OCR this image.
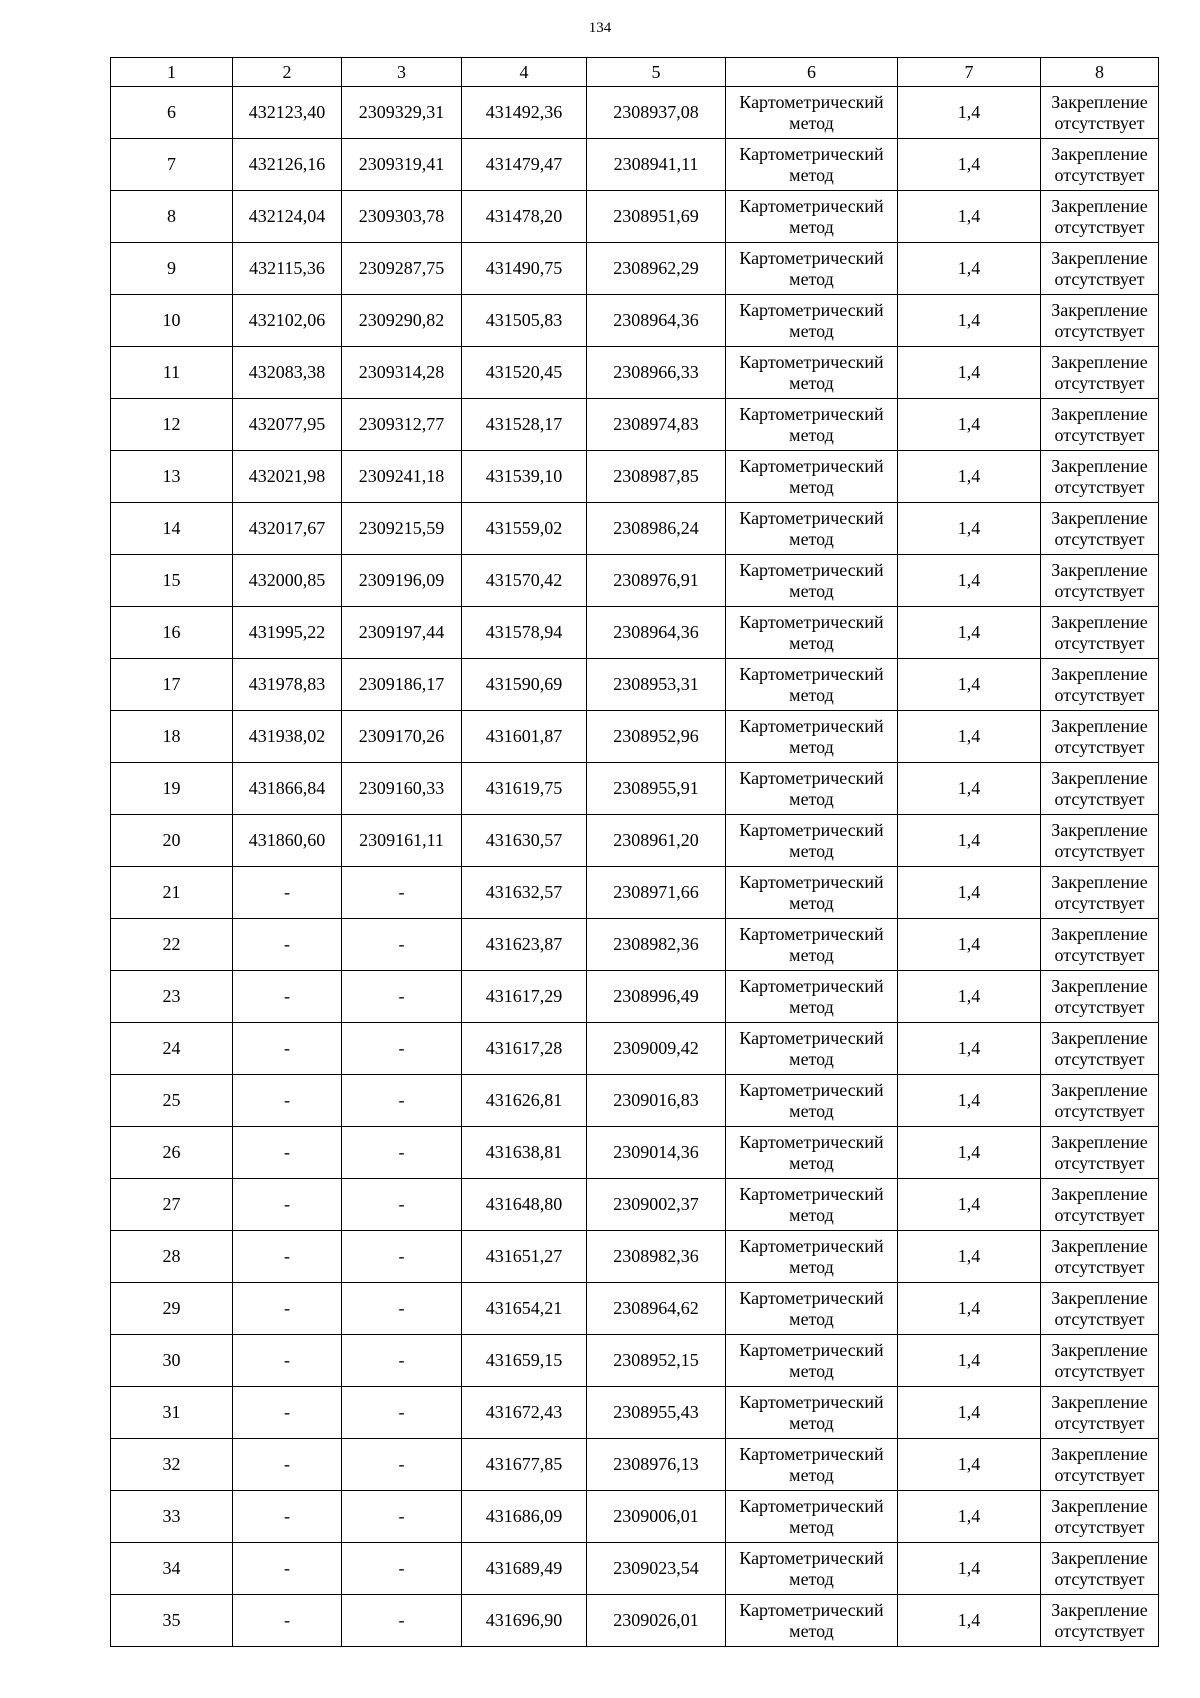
134
1	2	3	4	5	6	7	8
6	432123,40	2309329,31	431492,36	2308937,08	Картометрический метод	1,4	Закрепление отсутствует
7	432126,16	2309319,41	431479,47	2308941,11	Картометрический метод	1,4	Закрепление отсутствует
8	432124,04	2309303,78	431478,20	2308951,69	Картометрический метод	1,4	Закрепление отсутствует
9	432115,36	2309287,75	431490,75	2308962,29	Картометрический метод	1,4	Закрепление отсутствует
10	432102,06	2309290,82	431505,83	2308964,36	Картометрический метод	1,4	Закрепление отсутствует
11	432083,38	2309314,28	431520,45	2308966,33	Картометрический метод	1,4	Закрепление отсутствует
12	432077,95	2309312,77	431528,17	2308974,83	Картометрический метод	1,4	Закрепление отсутствует
13	432021,98	2309241,18	431539,10	2308987,85	Картометрический метод	1,4	Закрепление отсутствует
14	432017,67	2309215,59	431559,02	2308986,24	Картометрический метод	1,4	Закрепление отсутствует
15	432000,85	2309196,09	431570,42	2308976,91	Картометрический метод	1,4	Закрепление отсутствует
16	431995,22	2309197,44	431578,94	2308964,36	Картометрический метод	1,4	Закрепление отсутствует
17	431978,83	2309186,17	431590,69	2308953,31	Картометрический метод	1,4	Закрепление отсутствует
18	431938,02	2309170,26	431601,87	2308952,96	Картометрический метод	1,4	Закрепление отсутствует
19	431866,84	2309160,33	431619,75	2308955,91	Картометрический метод	1,4	Закрепление отсутствует
20	431860,60	2309161,11	431630,57	2308961,20	Картометрический метод	1,4	Закрепление отсутствует
21	-	-	431632,57	2308971,66	Картометрический метод	1,4	Закрепление отсутствует
22	-	-	431623,87	2308982,36	Картометрический метод	1,4	Закрепление отсутствует
23	-	-	431617,29	2308996,49	Картометрический метод	1,4	Закрепление отсутствует
24	-	-	431617,28	2309009,42	Картометрический метод	1,4	Закрепление отсутствует
25	-	-	431626,81	2309016,83	Картометрический метод	1,4	Закрепление отсутствует
26	-	-	431638,81	2309014,36	Картометрический метод	1,4	Закрепление отсутствует
27	-	-	431648,80	2309002,37	Картометрический метод	1,4	Закрепление отсутствует
28	-	-	431651,27	2308982,36	Картометрический метод	1,4	Закрепление отсутствует
29	-	-	431654,21	2308964,62	Картометрический метод	1,4	Закрепление отсутствует
30	-	-	431659,15	2308952,15	Картометрический метод	1,4	Закрепление отсутствует
31	-	-	431672,43	2308955,43	Картометрический метод	1,4	Закрепление отсутствует
32	-	-	431677,85	2308976,13	Картометрический метод	1,4	Закрепление отсутствует
33	-	-	431686,09	2309006,01	Картометрический метод	1,4	Закрепление отсутствует
34	-	-	431689,49	2309023,54	Картометрический метод	1,4	Закрепление отсутствует
35	-	-	431696,90	2309026,01	Картометрический метод	1,4	Закрепление отсутствует
